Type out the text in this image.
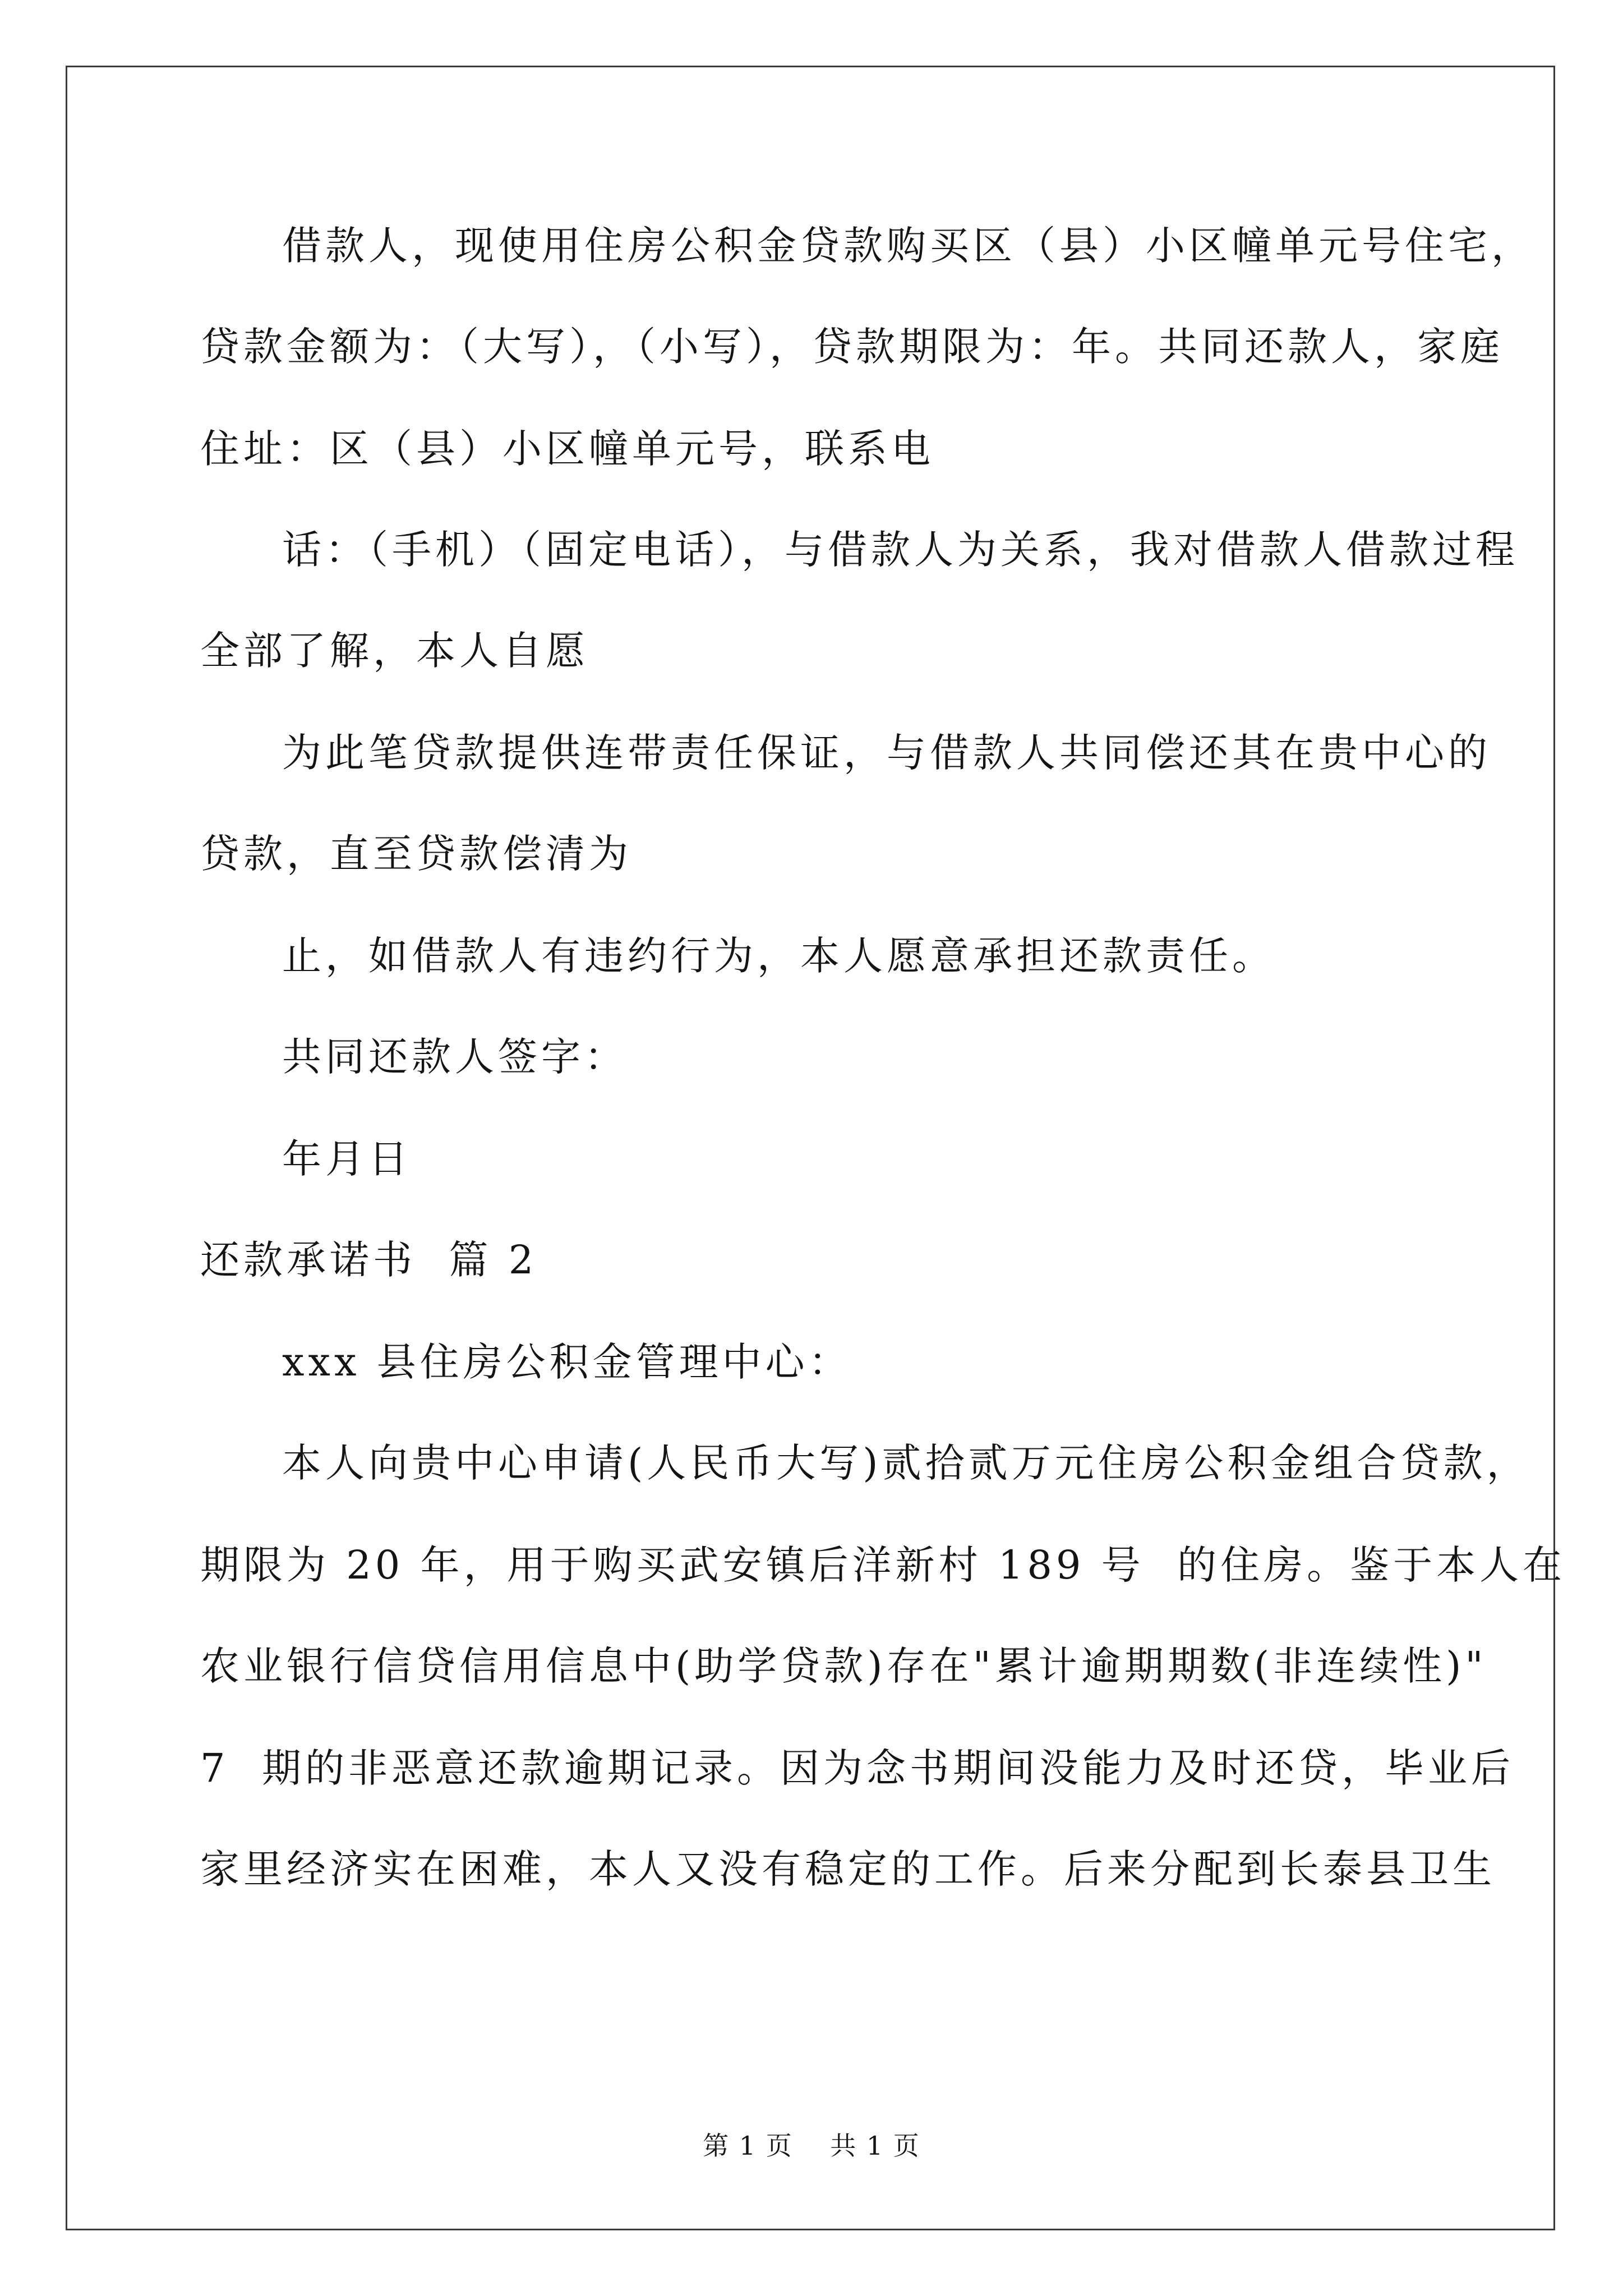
借款人，现使用住房公积金贷款购买区（县）小区幢单元号住宅，
贷款金额为：（大写），（小写），贷款期限为：年。共同还款人，家庭
住址：区（县）小区幢单元号，联系电
话：（手机）（固定电话），与借款人为关系，我对借款人借款过程
全部了解，本人自愿
为此笔贷款提供连带责任保证，与借款人共同偿还其在贵中心的
贷款，直至贷款偿清为
止，如借款人有违约行为，本人愿意承担还款责任。
共同还款人签字：
年月日
还款承诺书  篇 2
xxx 县住房公积金管理中心：
本人向贵中心申请(人民币大写)贰拾贰万元住房公积金组合贷款，
期限为 20 年，用于购买武安镇后洋新村 189 号  的住房。鉴于本人在
农业银行信贷信用信息中(助学贷款)存在"累计逾期期数(非连续性)"
7  期的非恶意还款逾期记录。因为念书期间没能力及时还贷，毕业后
家里经济实在困难，本人又没有稳定的工作。后来分配到长泰县卫生
第 1 页    共 1 页
